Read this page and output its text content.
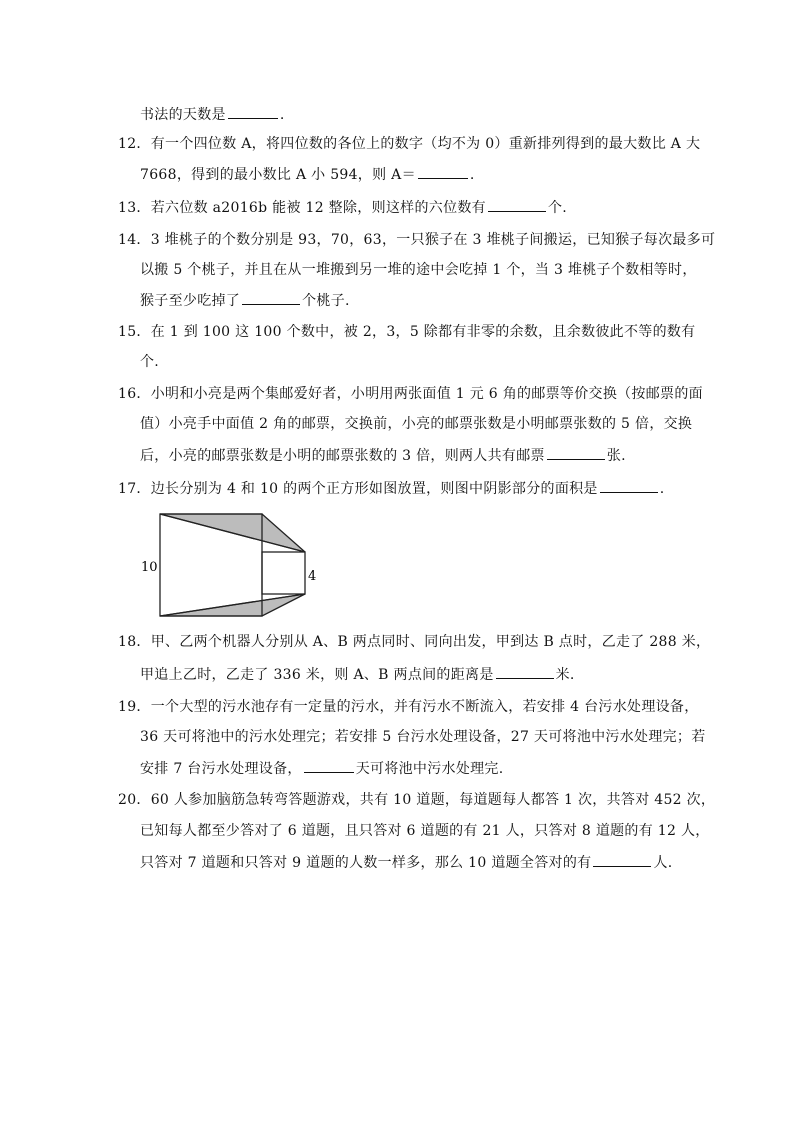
书法的天数是	.
12．有一个四位数 A，将四位数的各位上的数字（均不为 0）重新排列得到的最大数比 A 大
7668，得到的最小数比 A 小 594，则 A＝	.
13．若六位数 a2016b 能被 12 整除，则这样的六位数有	个.
14．3 堆桃子的个数分别是 93，70，63，一只猴子在 3 堆桃子间搬运，已知猴子每次最多可
以搬 5 个桃子，并且在从一堆搬到另一堆的途中会吃掉 1 个，当 3 堆桃子个数相等时，
猴子至少吃掉了	个桃子.
15．在 1 到 100 这 100 个数中，被 2，3，5 除都有非零的余数，且余数彼此不等的数有
个.
16．小明和小亮是两个集邮爱好者，小明用两张面值 1 元 6 角的邮票等价交换（按邮票的面
值）小亮手中面值 2 角的邮票，交换前，小亮的邮票张数是小明邮票张数的 5 倍，交换
后，小亮的邮票张数是小明的邮票张数的 3 倍，则两人共有邮票	张.
17．边长分别为 4 和 10 的两个正方形如图放置，则图中阴影部分的面积是	.
10
4
18．甲、乙两个机器人分别从 A、B 两点同时、同向出发，甲到达 B 点时，乙走了 288 米，
甲追上乙时，乙走了 336 米，则 A、B 两点间的距离是	米.
19．一个大型的污水池存有一定量的污水，并有污水不断流入，若安排 4 台污水处理设备，
36 天可将池中的污水处理完；若安排 5 台污水处理设备，27 天可将池中污水处理完；若
安排 7 台污水处理设备，	天可将池中污水处理完.
20．60 人参加脑筋急转弯答题游戏，共有 10 道题，每道题每人都答 1 次，共答对 452 次，
已知每人都至少答对了 6 道题，且只答对 6 道题的有 21 人，只答对 8 道题的有 12 人，
只答对 7 道题和只答对 9 道题的人数一样多，那么 10 道题全答对的有	人.
